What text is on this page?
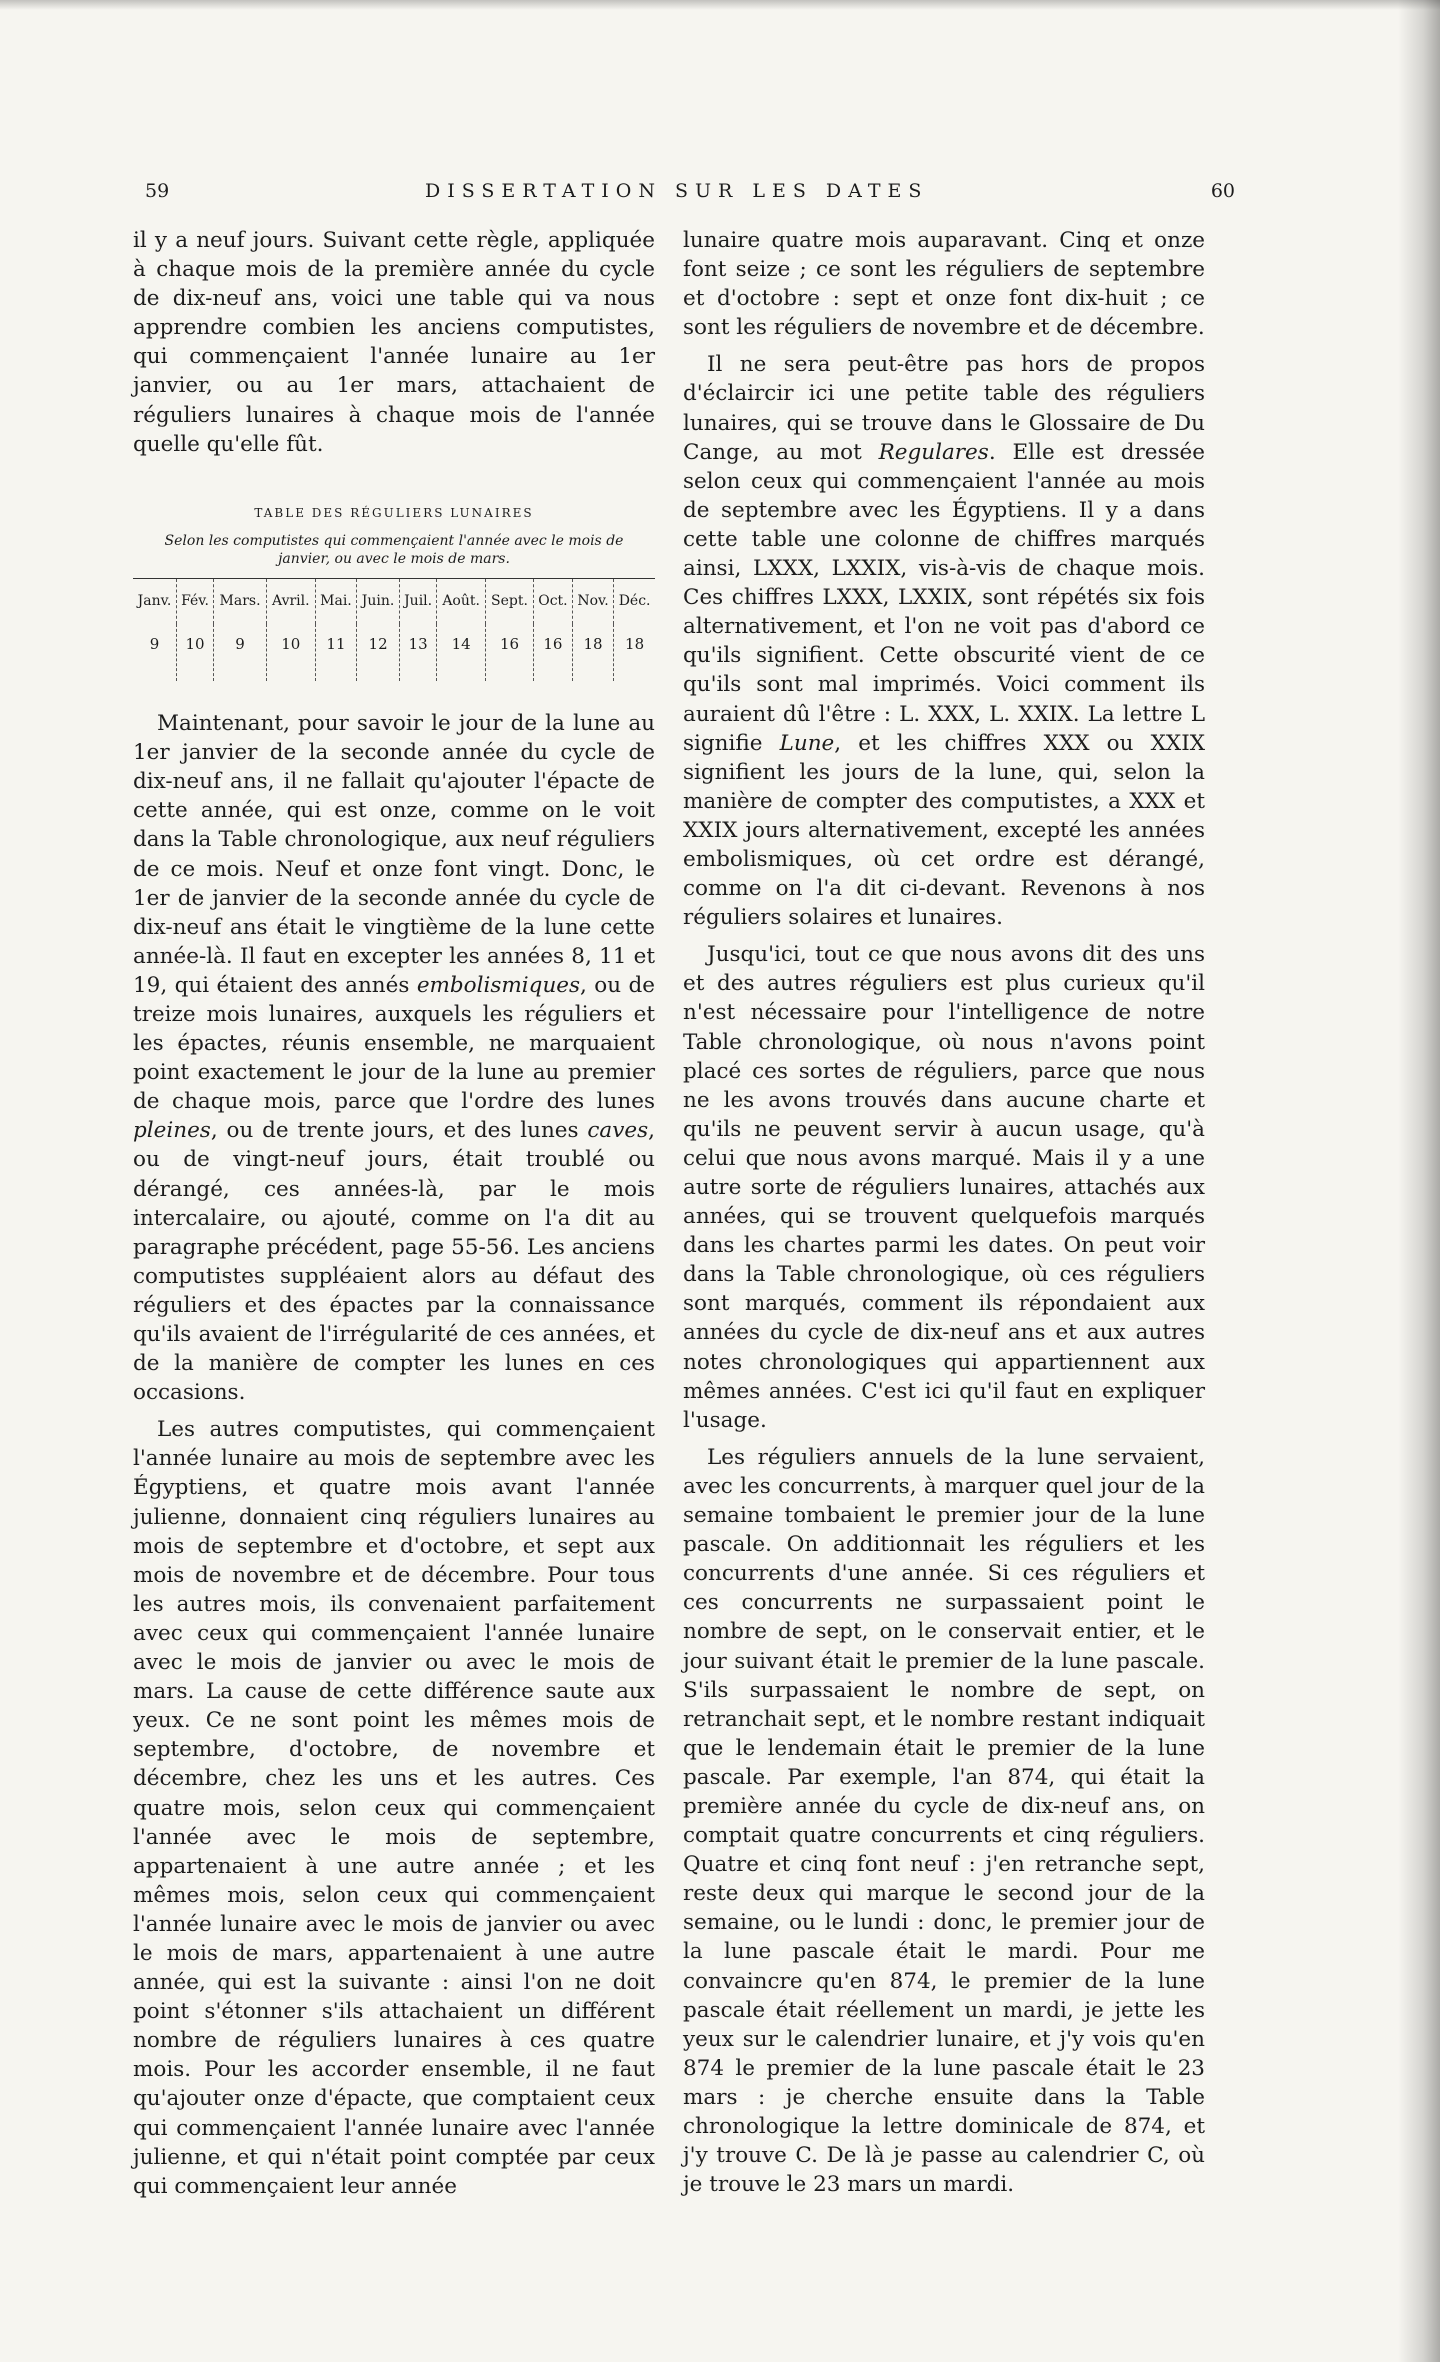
59	DISSERTATION SUR LES DATES	60

il y a neuf jours. Suivant cette règle, appliquée à chaque mois de la première année du cycle de dix-neuf ans, voici une table qui va nous apprendre combien les anciens computistes, qui commençaient l'année lunaire au 1er janvier, ou au 1er mars, attachaient de réguliers lunaires à chaque mois de l'année quelle qu'elle fût.

TABLE DES RÉGULIERS LUNAIRES
Selon les computistes qui commençaient l'année avec le mois de janvier, ou avec le mois de mars.
Janv.	Fév.	Mars.	Avril.	Mai.	Juin.	Juil.	Août.	Sept.	Oct.	Nov.	Déc.
9	10	9	10	11	12	13	14	16	16	18	18

Maintenant, pour savoir le jour de la lune au 1er janvier de la seconde année du cycle de dix-neuf ans, il ne fallait qu'ajouter l'épacte de cette année, qui est onze, comme on le voit dans la Table chronologique, aux neuf réguliers de ce mois. Neuf et onze font vingt. Donc, le 1er de janvier de la seconde année du cycle de dix-neuf ans était le vingtième de la lune cette année-là. Il faut en excepter les années 8, 11 et 19, qui étaient des annés embolismiques, ou de treize mois lunaires, auxquels les réguliers et les épactes, réunis ensemble, ne marquaient point exactement le jour de la lune au premier de chaque mois, parce que l'ordre des lunes pleines, ou de trente jours, et des lunes caves, ou de vingt-neuf jours, était troublé ou dérangé, ces années-là, par le mois intercalaire, ou ajouté, comme on l'a dit au paragraphe précédent, page 55-56. Les anciens computistes suppléaient alors au défaut des réguliers et des épactes par la connaissance qu'ils avaient de l'irrégularité de ces années, et de la manière de compter les lunes en ces occasions.

Les autres computistes, qui commençaient l'année lunaire au mois de septembre avec les Égyptiens, et quatre mois avant l'année julienne, donnaient cinq réguliers lunaires au mois de septembre et d'octobre, et sept aux mois de novembre et de décembre. Pour tous les autres mois, ils convenaient parfaitement avec ceux qui commençaient l'année lunaire avec le mois de janvier ou avec le mois de mars. La cause de cette différence saute aux yeux. Ce ne sont point les mêmes mois de septembre, d'octobre, de novembre et décembre, chez les uns et les autres. Ces quatre mois, selon ceux qui commençaient l'année avec le mois de septembre, appartenaient à une autre année ; et les mêmes mois, selon ceux qui commençaient l'année lunaire avec le mois de janvier ou avec le mois de mars, appartenaient à une autre année, qui est la suivante : ainsi l'on ne doit point s'étonner s'ils attachaient un différent nombre de réguliers lunaires à ces quatre mois. Pour les accorder ensemble, il ne faut qu'ajouter onze d'épacte, que comptaient ceux qui commençaient l'année lunaire avec l'année julienne, et qui n'était point comptée par ceux qui commençaient leur année

lunaire quatre mois auparavant. Cinq et onze font seize ; ce sont les réguliers de septembre et d'octobre : sept et onze font dix-huit ; ce sont les réguliers de novembre et de décembre.

Il ne sera peut-être pas hors de propos d'éclaircir ici une petite table des réguliers lunaires, qui se trouve dans le Glossaire de Du Cange, au mot Regulares. Elle est dressée selon ceux qui commençaient l'année au mois de septembre avec les Égyptiens. Il y a dans cette table une colonne de chiffres marqués ainsi, LXXX, LXXIX, vis-à-vis de chaque mois. Ces chiffres LXXX, LXXIX, sont répétés six fois alternativement, et l'on ne voit pas d'abord ce qu'ils signifient. Cette obscurité vient de ce qu'ils sont mal imprimés. Voici comment ils auraient dû l'être : L. XXX, L. XXIX. La lettre L signifie Lune, et les chiffres XXX ou XXIX signifient les jours de la lune, qui, selon la manière de compter des computistes, a XXX et XXIX jours alternativement, excepté les années embolismiques, où cet ordre est dérangé, comme on l'a dit ci-devant. Revenons à nos réguliers solaires et lunaires.

Jusqu'ici, tout ce que nous avons dit des uns et des autres réguliers est plus curieux qu'il n'est nécessaire pour l'intelligence de notre Table chronologique, où nous n'avons point placé ces sortes de réguliers, parce que nous ne les avons trouvés dans aucune charte et qu'ils ne peuvent servir à aucun usage, qu'à celui que nous avons marqué. Mais il y a une autre sorte de réguliers lunaires, attachés aux années, qui se trouvent quelquefois marqués dans les chartes parmi les dates. On peut voir dans la Table chronologique, où ces réguliers sont marqués, comment ils répondaient aux années du cycle de dix-neuf ans et aux autres notes chronologiques qui appartiennent aux mêmes années. C'est ici qu'il faut en expliquer l'usage.

Les réguliers annuels de la lune servaient, avec les concurrents, à marquer quel jour de la semaine tombaient le premier jour de la lune pascale. On additionnait les réguliers et les concurrents d'une année. Si ces réguliers et ces concurrents ne surpassaient point le nombre de sept, on le conservait entier, et le jour suivant était le premier de la lune pascale. S'ils surpassaient le nombre de sept, on retranchait sept, et le nombre restant indiquait que le lendemain était le premier de la lune pascale. Par exemple, l'an 874, qui était la première année du cycle de dix-neuf ans, on comptait quatre concurrents et cinq réguliers. Quatre et cinq font neuf : j'en retranche sept, reste deux qui marque le second jour de la semaine, ou le lundi : donc, le premier jour de la lune pascale était le mardi. Pour me convaincre qu'en 874, le premier de la lune pascale était réellement un mardi, je jette les yeux sur le calendrier lunaire, et j'y vois qu'en 874 le premier de la lune pascale était le 23 mars : je cherche ensuite dans la Table chronologique la lettre dominicale de 874, et j'y trouve C. De là je passe au calendrier C, où je trouve le 23 mars un mardi.
